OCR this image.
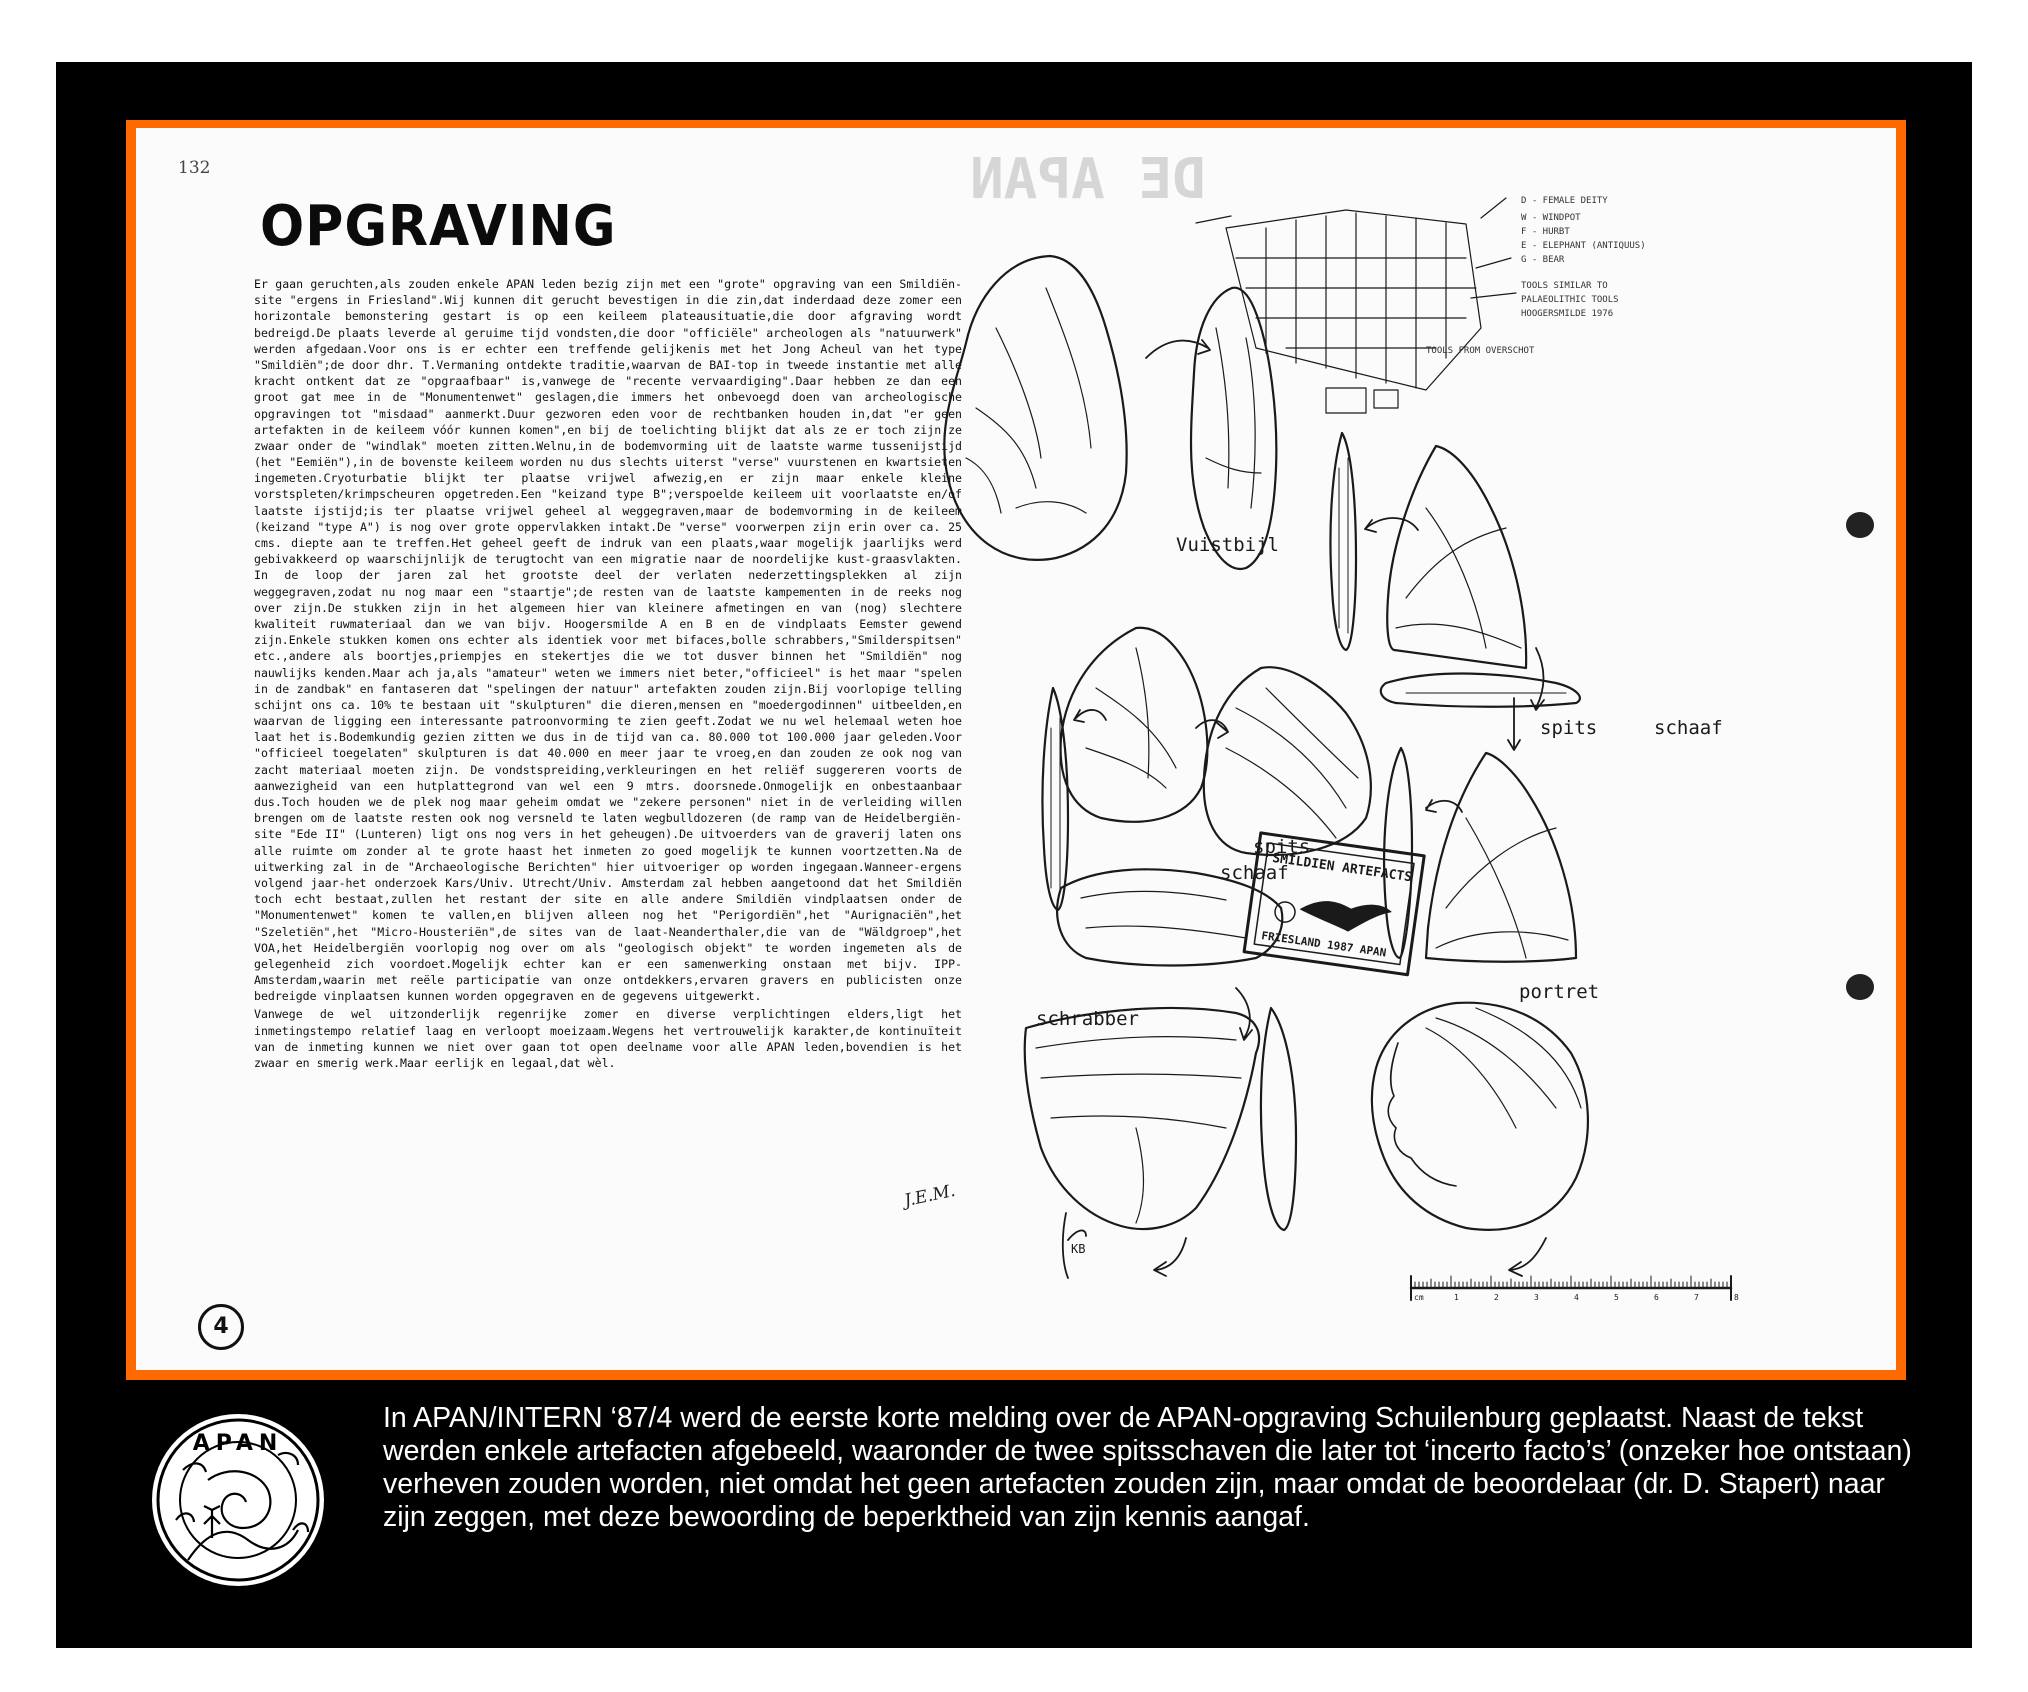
132
OPGRAVING

Er gaan geruchten,als zouden enkele APAN leden bezig zijn met een "grote" opgraving van een Smildiën-site "ergens in Friesland".Wij kunnen dit gerucht bevestigen in die zin,dat inderdaad deze zomer een horizontale bemonstering gestart is op een keileem plateausituatie,die door afgraving wordt bedreigd.De plaats leverde al geruime tijd vondsten,die door "officiële" archeologen als "natuurwerk" werden afgedaan.Voor ons is er echter een treffende gelijkenis met het Jong Acheul van het type "Smildiën";de door dhr. T.Vermaning ontdekte traditie,waarvan de BAI-top in tweede instantie met alle kracht ontkent dat ze "opgraafbaar" is,vanwege de "recente vervaardiging".Daar hebben ze dan een groot gat mee in de "Monumentenwet" geslagen,die immers het onbevoegd doen van archeologische opgravingen tot "misdaad" aanmerkt.Duur gezworen eden voor de rechtbanken houden in,dat "er geen artefakten in de keileem vóór kunnen komen",en bij de toelichting blijkt dat als ze er toch zijn,ze zwaar onder de "windlak" moeten zitten.Welnu,in de bodemvorming uit de laatste warme tussenijstijd (het "Eemiën"),in de bovenste keileem worden nu dus slechts uiterst "verse" vuurstenen en kwartsieten ingemeten.Cryoturbatie blijkt ter plaatse vrijwel afwezig,en er zijn maar enkele kleine vorstspleten/krimpscheuren opgetreden.Een "keizand type B";verspoelde keileem uit voorlaatste en/of laatste ijstijd;is ter plaatse vrijwel geheel al weggegraven,maar de bodemvorming in de keileem (keizand "type A") is nog over grote oppervlakken intakt.De "verse" voorwerpen zijn erin over ca. 25 cms. diepte aan te treffen.Het geheel geeft de indruk van een plaats,waar mogelijk jaarlijks werd gebivakkeerd op waarschijnlijk de terugtocht van een migratie naar de noordelijke kust-graasvlakten. In de loop der jaren zal het grootste deel der verlaten nederzettingsplekken al zijn weggegraven,zodat nu nog maar een "staartje";de resten van de laatste kampementen in de reeks nog over zijn.De stukken zijn in het algemeen hier van kleinere afmetingen en van (nog) slechtere kwaliteit ruwmateriaal dan we van bijv. Hoogersmilde A en B en de vindplaats Eemster gewend zijn.Enkele stukken komen ons echter als identiek voor met bifaces,bolle schrabbers,"Smilderspitsen" etc.,andere als boortjes,priempjes en stekertjes die we tot dusver binnen het "Smildiën" nog nauwlijks kenden.Maar ach ja,als "amateur" weten we immers niet beter,"officieel" is het maar "spelen in de zandbak" en fantaseren dat "spelingen der natuur" artefakten zouden zijn.Bij voorlopige telling schijnt ons ca. 10% te bestaan uit "skulpturen" die dieren,mensen en "moedergodinnen" uitbeelden,en waarvan de ligging een interessante patroonvorming te zien geeft.Zodat we nu wel helemaal weten hoe laat het is.Bodemkundig gezien zitten we dus in de tijd van ca. 80.000 tot 100.000 jaar geleden.Voor "officieel toegelaten" skulpturen is dat 40.000 en meer jaar te vroeg,en dan zouden ze ook nog van zacht materiaal moeten zijn. De vondstspreiding,verkleuringen en het reliëf suggereren voorts de aanwezigheid van een hutplattegrond van wel een 9 mtrs. doorsnede.Onmogelijk en onbestaanbaar dus.Toch houden we de plek nog maar geheim omdat we "zekere personen" niet in de verleiding willen brengen om de laatste resten ook nog versneld te laten wegbulldozeren (de ramp van de Heidelbergiën-site "Ede II" (Lunteren) ligt ons nog vers in het geheugen).De uitvoerders van de graverij laten ons alle ruimte om zonder al te grote haast het inmeten zo goed mogelijk te kunnen voortzetten.Na de uitwerking zal in de "Archaeologische Berichten" hier uitvoeriger op worden ingegaan.Wanneer-ergens volgend jaar-het onderzoek Kars/Univ. Utrecht/Univ. Amsterdam zal hebben aangetoond dat het Smildiën toch echt bestaat,zullen het restant der site en alle andere Smildiën vindplaatsen onder de "Monumentenwet" komen te vallen,en blijven alleen nog het "Perigordiën",het "Aurignaciën",het "Szeletiën",het "Micro-Housteriën",de sites van de laat-Neanderthaler,die van de "Wäldgroep",het VOA,het Heidelbergiën voorlopig nog over om als "geologisch objekt" te worden ingemeten als de gelegenheid zich voordoet.Mogelijk echter kan er een samenwerking onstaan met bijv. IPP-Amsterdam,waarin met reële participatie van onze ontdekkers,ervaren gravers en publicisten onze bedreigde vinplaatsen kunnen worden opgegraven en de gegevens uitgewerkt.

Vanwege de wel uitzonderlijk regenrijke zomer en diverse verplichtingen elders,ligt het inmetingstempo relatief laag en verloopt moeizaam.Wegens het vertrouwelijk karakter,de kontinuïteit van de inmeting kunnen we niet over gaan tot open deelname voor alle APAN leden,bovendien is het zwaar en smerig werk.Maar eerlijk en legaal,dat wèl.

J.E.M.
4
DE APAN	D - FEMALE DEITY
W - WINDPOT
F - HURBT
E - ELEPHANT (ANTIQUUS)
G - BEAR
TOOLS SIMILAR TO
PALAEOLITHIC TOOLS
HOOGERSMILDE 1976
TOOLS FROM OVERSCHOT
SMILDIEN ARTEFACTS
FRIESLAND 1987 APAN
KB
cm	1	2	3	4	5	6	7	8
Vuistbijl
spits
schaaf
spits	schaaf
portret
schrabber
APAN

In APAN/INTERN ‘87/4 werd de eerste korte melding over de APAN-opgraving Schuilenburg geplaatst. Naast de tekst werden enkele artefacten afgebeeld, waaronder de twee spitsschaven die later tot ‘incerto facto’s’ (onzeker hoe ontstaan) verheven zouden worden, niet omdat het geen artefacten zouden zijn, maar omdat de beoordelaar (dr. D. Stapert) naar zijn zeggen, met deze bewoording de beperktheid van zijn kennis aangaf.
